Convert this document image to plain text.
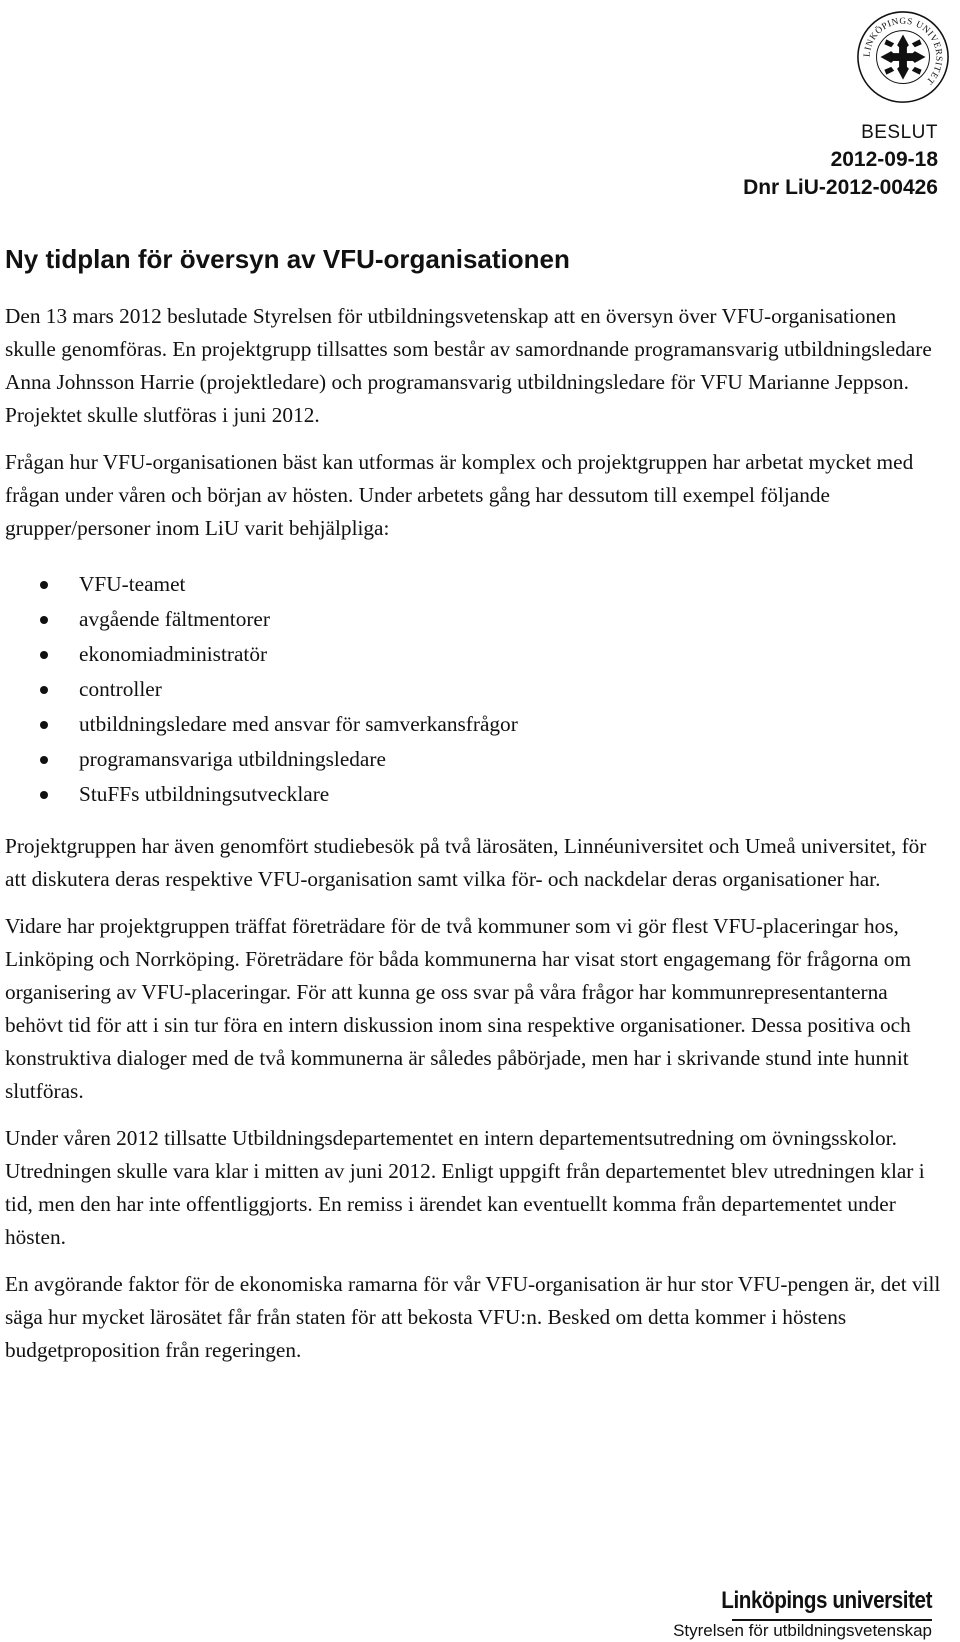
LINKÖPINGS UNIVERSITET
BESLUT
2012-09-18
Dnr LiU-2012-00426
Ny tidplan för översyn av VFU-organisationen

Den 13 mars 2012 beslutade Styrelsen för utbildningsvetenskap att en översyn över VFU-organisationen skulle genomföras. En projektgrupp tillsattes som består av samordnande programansvarig utbildningsledare Anna Johnsson Harrie (projektledare) och programansvarig utbildningsledare för VFU Marianne Jeppson. Projektet skulle slutföras i juni 2012.

Frågan hur VFU-organisationen bäst kan utformas är komplex och projektgruppen har arbetat mycket med frågan under våren och början av hösten. Under arbetets gång har dessutom till exempel följande grupper/personer inom LiU varit behjälpliga:

VFU-teamet
avgående fältmentorer
ekonomiadministratör
controller
utbildningsledare med ansvar för samverkansfrågor
programansvariga utbildningsledare
StuFFs utbildningsutvecklare

Projektgruppen har även genomfört studiebesök på två lärosäten, Linnéuniversitet och Umeå universitet, för att diskutera deras respektive VFU-organisation samt vilka för- och nackdelar deras organisationer har.

Vidare har projektgruppen träffat företrädare för de två kommuner som vi gör flest VFU-placeringar hos, Linköping och Norrköping. Företrädare för båda kommunerna har visat stort engagemang för frågorna om organisering av VFU-placeringar. För att kunna ge oss svar på våra frågor har kommunrepresentanterna behövt tid för att i sin tur föra en intern diskussion inom sina respektive organisationer. Dessa positiva och konstruktiva dialoger med de två kommunerna är således påbörjade, men har i skrivande stund inte hunnit slutföras.

Under våren 2012 tillsatte Utbildningsdepartementet en intern departementsutredning om övningsskolor. Utredningen skulle vara klar i mitten av juni 2012. Enligt uppgift från departementet blev utredningen klar i tid, men den har inte offentliggjorts. En remiss i ärendet kan eventuellt komma från departementet under hösten.

En avgörande faktor för de ekonomiska ramarna för vår VFU-organisation är hur stor VFU-pengen är, det vill säga hur mycket lärosätet får från staten för att bekosta VFU:n. Besked om detta kommer i höstens budgetproposition från regeringen.

Linköpings universitet
Styrelsen för utbildningsvetenskap
